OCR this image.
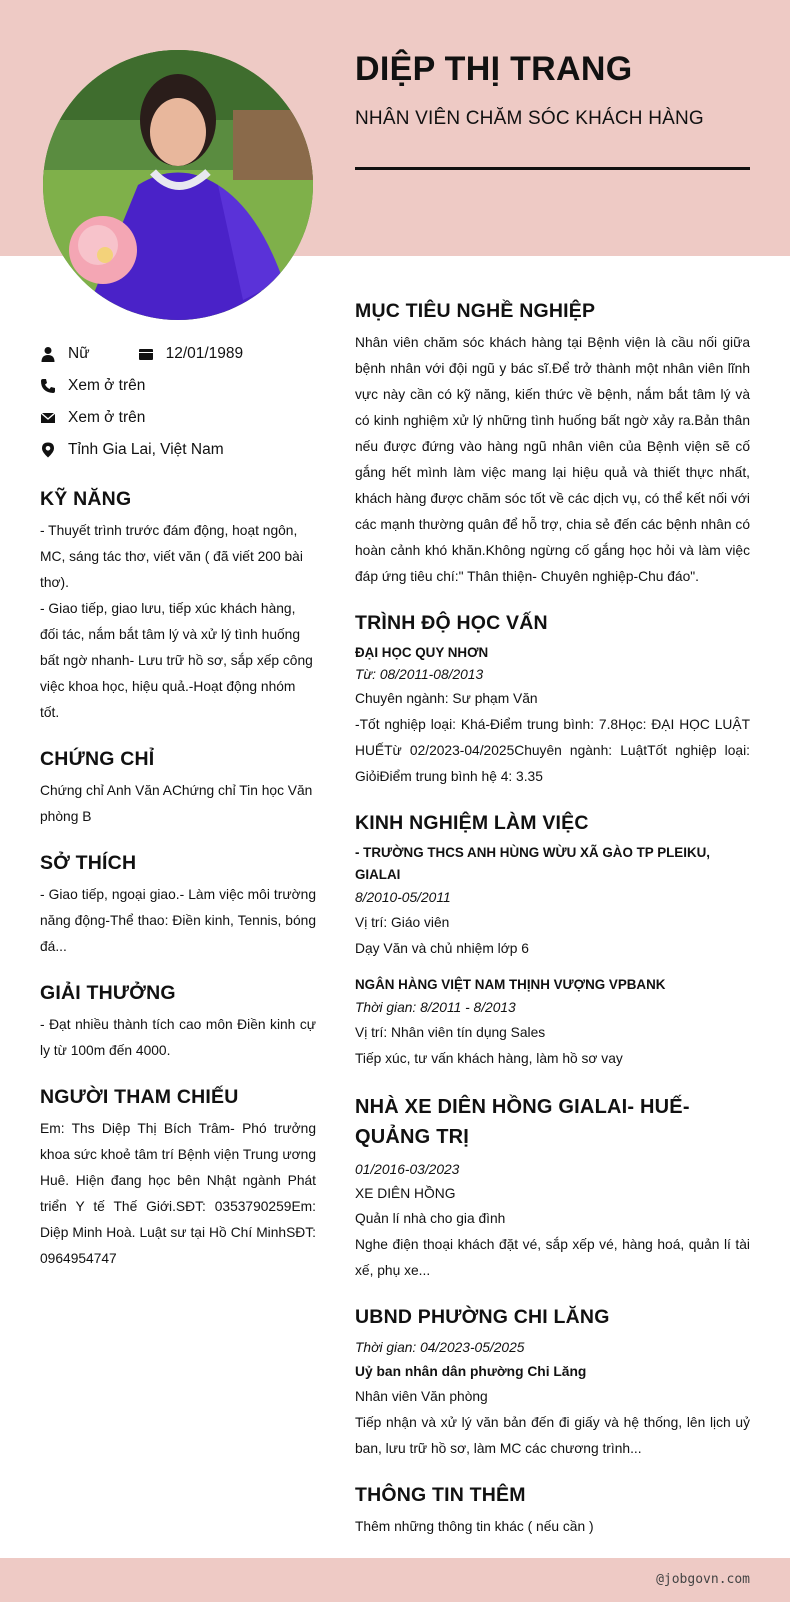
DIỆP THỊ TRANG
NHÂN VIÊN CHĂM SÓC KHÁCH HÀNG
Nữ	12/01/1989
Xem ở trên
Xem ở trên
Tỉnh Gia Lai, Việt Nam
KỸ NĂNG

- Thuyết trình trước đám động, hoạt ngôn, MC, sáng tác thơ, viết văn ( đã viết 200 bài thơ).
- Giao tiếp, giao lưu, tiếp xúc khách hàng, đối tác, nắm bắt tâm lý và xử lý tình huống bất ngờ nhanh- Lưu trữ hồ sơ, sắp xếp công việc khoa học, hiệu quả.-Hoạt động nhóm tốt.

CHỨNG CHỈ

Chứng chỉ Anh Văn AChứng chỉ Tin học Văn phòng B

SỞ THÍCH

- Giao tiếp, ngoại giao.- Làm việc môi trường năng động-Thể thao: Điền kinh, Tennis, bóng đá...

GIẢI THƯỞNG

- Đạt nhiều thành tích cao môn Điền kinh cự ly từ 100m đến 4000.

NGƯỜI THAM CHIẾU

Em: Ths Diệp Thị Bích Trâm- Phó trưởng khoa sức khoẻ tâm trí Bệnh viện Trung ương Huê. Hiện đang học bên Nhật ngành Phát triển Y tế Thế Giới.SĐT: 0353790259Em: Diệp Minh Hoà. Luật sư tại Hồ Chí MinhSĐT: 0964954747

MỤC TIÊU NGHỀ NGHIỆP

Nhân viên chăm sóc khách hàng tại Bệnh viện là cầu nối giữa bệnh nhân với đội ngũ y bác sĩ.Để trở thành một nhân viên lĩnh vực này cần có kỹ năng, kiến thức về bệnh, nắm bắt tâm lý và có kinh nghiệm xử lý những tình huống bất ngờ xảy ra.Bản thân nếu được đứng vào hàng ngũ nhân viên của Bệnh viện sẽ cố gắng hết mình làm việc mang lại hiệu quả và thiết thực nhất, khách hàng được chăm sóc tốt về các dịch vụ, có thể kết nối với các mạnh thường quân để hỗ trợ, chia sẻ đến các bệnh nhân có hoàn cảnh khó khăn.Không ngừng cố gắng học hỏi và làm việc đáp ứng tiêu chí:" Thân thiện- Chuyên nghiệp-Chu đáo".

TRÌNH ĐỘ HỌC VẤN
ĐẠI HỌC QUY NHƠN
Từ: 08/2011-08/2013
Chuyên ngành: Sư phạm Văn

-Tốt nghiệp loại: Khá-Điểm trung bình: 7.8Học: ĐẠI HỌC LUẬT HUẾTừ 02/2023-04/2025Chuyên ngành: LuậtTốt nghiệp loại: GiỏiĐiểm trung bình hệ 4: 3.35

KINH NGHIỆM LÀM VIỆC
- TRƯỜNG THCS ANH HÙNG WỪU XÃ GÀO TP PLEIKU, GIALAI
8/2010-05/2011
Vị trí: Giáo viên
Dạy Văn và chủ nhiệm lớp 6
NGÂN HÀNG VIỆT NAM THỊNH VƯỢNG VPBANK
Thời gian: 8/2011 - 8/2013
Vị trí: Nhân viên tín dụng Sales
Tiếp xúc, tư vấn khách hàng, làm hồ sơ vay
NHÀ XE DIÊN HỒNG GIALAI- HUẾ-QUẢNG TRỊ
01/2016-03/2023
XE DIÊN HỒNG
Quản lí nhà cho gia đình

Nghe điện thoại khách đặt vé, sắp xếp vé, hàng hoá, quản lí tài xế, phụ xe...

UBND PHƯỜNG CHI LĂNG
Thời gian: 04/2023-05/2025
Uỷ ban nhân dân phường Chi Lăng
Nhân viên Văn phòng

Tiếp nhận và xử lý văn bản đến đi giấy và hệ thống, lên lịch uỷ ban, lưu trữ hồ sơ, làm MC các chương trình...

THÔNG TIN THÊM
Thêm những thông tin khác ( nếu cần )
@jobgovn.com
